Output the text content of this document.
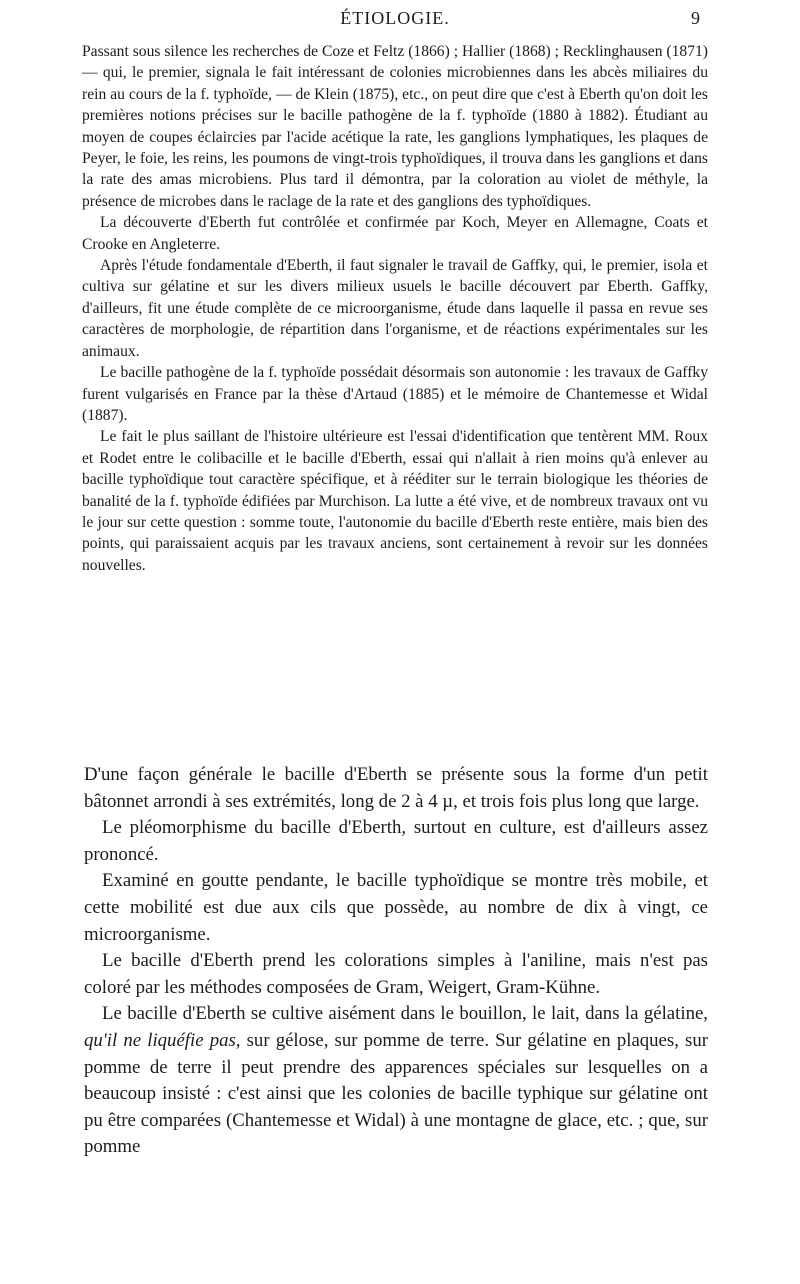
ÉTIOLOGIE.	9

Passant sous silence les recherches de Coze et Feltz (1866) ; Hallier (1868) ; Recklinghausen (1871) — qui, le premier, signala le fait intéressant de colonies microbiennes dans les abcès miliaires du rein au cours de la f. typhoïde, — de Klein (1875), etc., on peut dire que c'est à Eberth qu'on doit les premières notions précises sur le bacille pathogène de la f. typhoïde (1880 à 1882). Étudiant au moyen de coupes éclaircies par l'acide acétique la rate, les ganglions lymphatiques, les plaques de Peyer, le foie, les reins, les poumons de vingt-trois typhoïdiques, il trouva dans les ganglions et dans la rate des amas microbiens. Plus tard il démontra, par la coloration au violet de méthyle, la présence de microbes dans le raclage de la rate et des ganglions des typhoïdiques.

La découverte d'Eberth fut contrôlée et confirmée par Koch, Meyer en Allemagne, Coats et Crooke en Angleterre.

Après l'étude fondamentale d'Eberth, il faut signaler le travail de Gaffky, qui, le premier, isola et cultiva sur gélatine et sur les divers milieux usuels le bacille découvert par Eberth. Gaffky, d'ailleurs, fit une étude complète de ce microorganisme, étude dans laquelle il passa en revue ses caractères de morphologie, de répartition dans l'organisme, et de réactions expérimentales sur les animaux.

Le bacille pathogène de la f. typhoïde possédait désormais son autonomie : les travaux de Gaffky furent vulgarisés en France par la thèse d'Artaud (1885) et le mémoire de Chantemesse et Widal (1887).

Le fait le plus saillant de l'histoire ultérieure est l'essai d'identification que tentèrent MM. Roux et Rodet entre le colibacille et le bacille d'Eberth, essai qui n'allait à rien moins qu'à enlever au bacille typhoïdique tout caractère spécifique, et à rééditer sur le terrain biologique les théories de banalité de la f. typhoïde édifiées par Murchison. La lutte a été vive, et de nombreux travaux ont vu le jour sur cette question : somme toute, l'autonomie du bacille d'Eberth reste entière, mais bien des points, qui paraissaient acquis par les travaux anciens, sont certainement à revoir sur les données nouvelles.

D'une façon générale le bacille d'Eberth se présente sous la forme d'un petit bâtonnet arrondi à ses extrémités, long de 2 à 4 µ, et trois fois plus long que large.

Le pléomorphisme du bacille d'Eberth, surtout en culture, est d'ailleurs assez prononcé.

Examiné en goutte pendante, le bacille typhoïdique se montre très mobile, et cette mobilité est due aux cils que possède, au nombre de dix à vingt, ce microorganisme.

Le bacille d'Eberth prend les colorations simples à l'aniline, mais n'est pas coloré par les méthodes composées de Gram, Weigert, Gram-Kühne.

Le bacille d'Eberth se cultive aisément dans le bouillon, le lait, dans la gélatine, qu'il ne liquéfie pas, sur gélose, sur pomme de terre. Sur gélatine en plaques, sur pomme de terre il peut prendre des apparences spéciales sur lesquelles on a beaucoup insisté : c'est ainsi que les colonies de bacille typhique sur gélatine ont pu être comparées (Chantemesse et Widal) à une montagne de glace, etc. ; que, sur pomme
